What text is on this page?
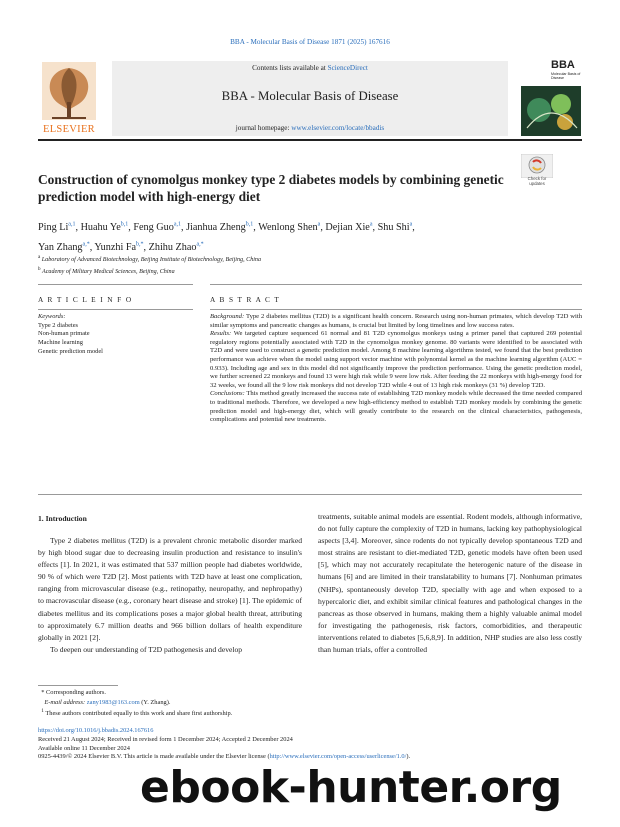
BBA - Molecular Basis of Disease 1871 (2025) 167616
ELSEVIER
Contents lists available at ScienceDirect
BBA - Molecular Basis of Disease
journal homepage: www.elsevier.com/locate/bbadis
BBA
Molecular Basis of Disease
Construction of cynomolgus monkey type 2 diabetes models by combining genetic prediction model with high-energy diet
Check for updates
Ping Li$^{a,1}$, Huahu Ye$^{b,1}$, Feng Guo$^{a,1}$, Jianhua Zheng$^{b,1}$, Wenlong Shen$^a$, Dejian Xie$^a$, Shu Shi$^a$,
Yan Zhang$^{a,*}$, Yunzhi $Fa^{b,*}$, Zhihu Zhao$^{a,*}$
$^a$ Laboratory of Advanced Biotechnology, Beijing Institute of Biotechnology, Beijing, China
$^b$ Academy of Military Medical Sciences, Beijing, China
A R T I C L E I N F O	A B S T R A C T
Keywords:
Type 2 diabetes
Non-human primate
Machine learning
Genetic prediction model

Background: Type 2 diabetes mellitus (T2D) is a significant health concern. Research using non-human primates, which develop T2D with similar symptoms and pancreatic changes as humans, is crucial but limited by long timelines and low success rates.

Results: We targeted capture sequenced 61 normal and 81 T2D cynomolgus monkeys using a primer panel that captured 269 potential regulatory regions potentially associated with T2D in the cynomolgus monkey genome. 80 variants were identified to be associated with T2D and were used to construct a genetic prediction model. Among 8 machine learning algorithms tested, we found that the best prediction performance was achieve when the model using support vector machine with polynomial kernel as the machine learning algorithm (AUC = 0.933). Including age and sex in this model did not significantly improve the prediction performance. Using the genetic prediction model, we further screened 22 monkeys and found 13 were high risk while 9 were low risk. After feeding the 22 monkeys with high-energy food for 32 weeks, we found all the 9 low risk monkeys did not develop T2D while 4 out of 13 high risk monkeys (31 %) develop T2D.

Conclusions: This method greatly increased the success rate of establishing T2D monkey models while decreased the time needed compared to traditional methods. Therefore, we developed a new high-efficiency method to establish T2D monkey models by combining the genetic prediction model and high-energy diet, which will greatly contribute to the research on the clinical characteristics, pathogenesis, complications and potential new treatments.

1. Introduction

Type 2 diabetes mellitus (T2D) is a prevalent chronic metabolic disorder marked by high blood sugar due to decreasing insulin production and resistance to insulin's effects [1]. In 2021, it was estimated that 537 million people had diabetes worldwide, 90 % of which were T2D [2]. Most patients with T2D have at least one complication, ranging from microvascular disease (e.g., retinopathy, neuropathy, and nephropathy) to macrovascular disease (e.g., coronary heart disease and stroke) [1]. The epidemic of diabetes mellitus and its complications poses a major global health threat, attributing to approximately 6.7 million deaths and 966 billion dollars of health expenditure globally in 2021 [2].

To deepen our understanding of T2D pathogenesis and develop

treatments, suitable animal models are essential. Rodent models, although informative, do not fully capture the complexity of T2D in humans, lacking key pathophysiological aspects [3,4]. Moreover, since rodents do not typically develop spontaneous T2D and most strains are resistant to diet-mediated T2D, genetic models have often been used [5], which may not accurately recapitulate the heterogenic nature of the disease in humans [6] and are limited in their translatability to humans [7]. Nonhuman primates (NHPs), spontaneously develop T2D, specially with age and when exposed to a hypercaloric diet, and exhibit similar clinical features and pathological changes in the pancreas as those observed in humans, making them a highly valuable animal model for investigating the pathogenesis, risk factors, comorbidities, and therapeutic interventions related to diabetes [5,6,8,9]. In addition, NHP studies are also less costly than human trials, offer a controlled

* Corresponding authors.
E-mail address: zany1983@163.com (Y. Zhang).
$^1$ These authors contributed equally to this work and share first authorship.
https://doi.org/10.1016/j.bbadis.2024.167616
Received 21 August 2024; Received in revised form 1 December 2024; Accepted 2 December 2024
Available online 11 December 2024
0925-4439/© 2024 Elsevier B.V. This article is made available under the Elsevier license (http://www.elsevier.com/open-access/userlicense/1.0/).
ebook-hunter.org
